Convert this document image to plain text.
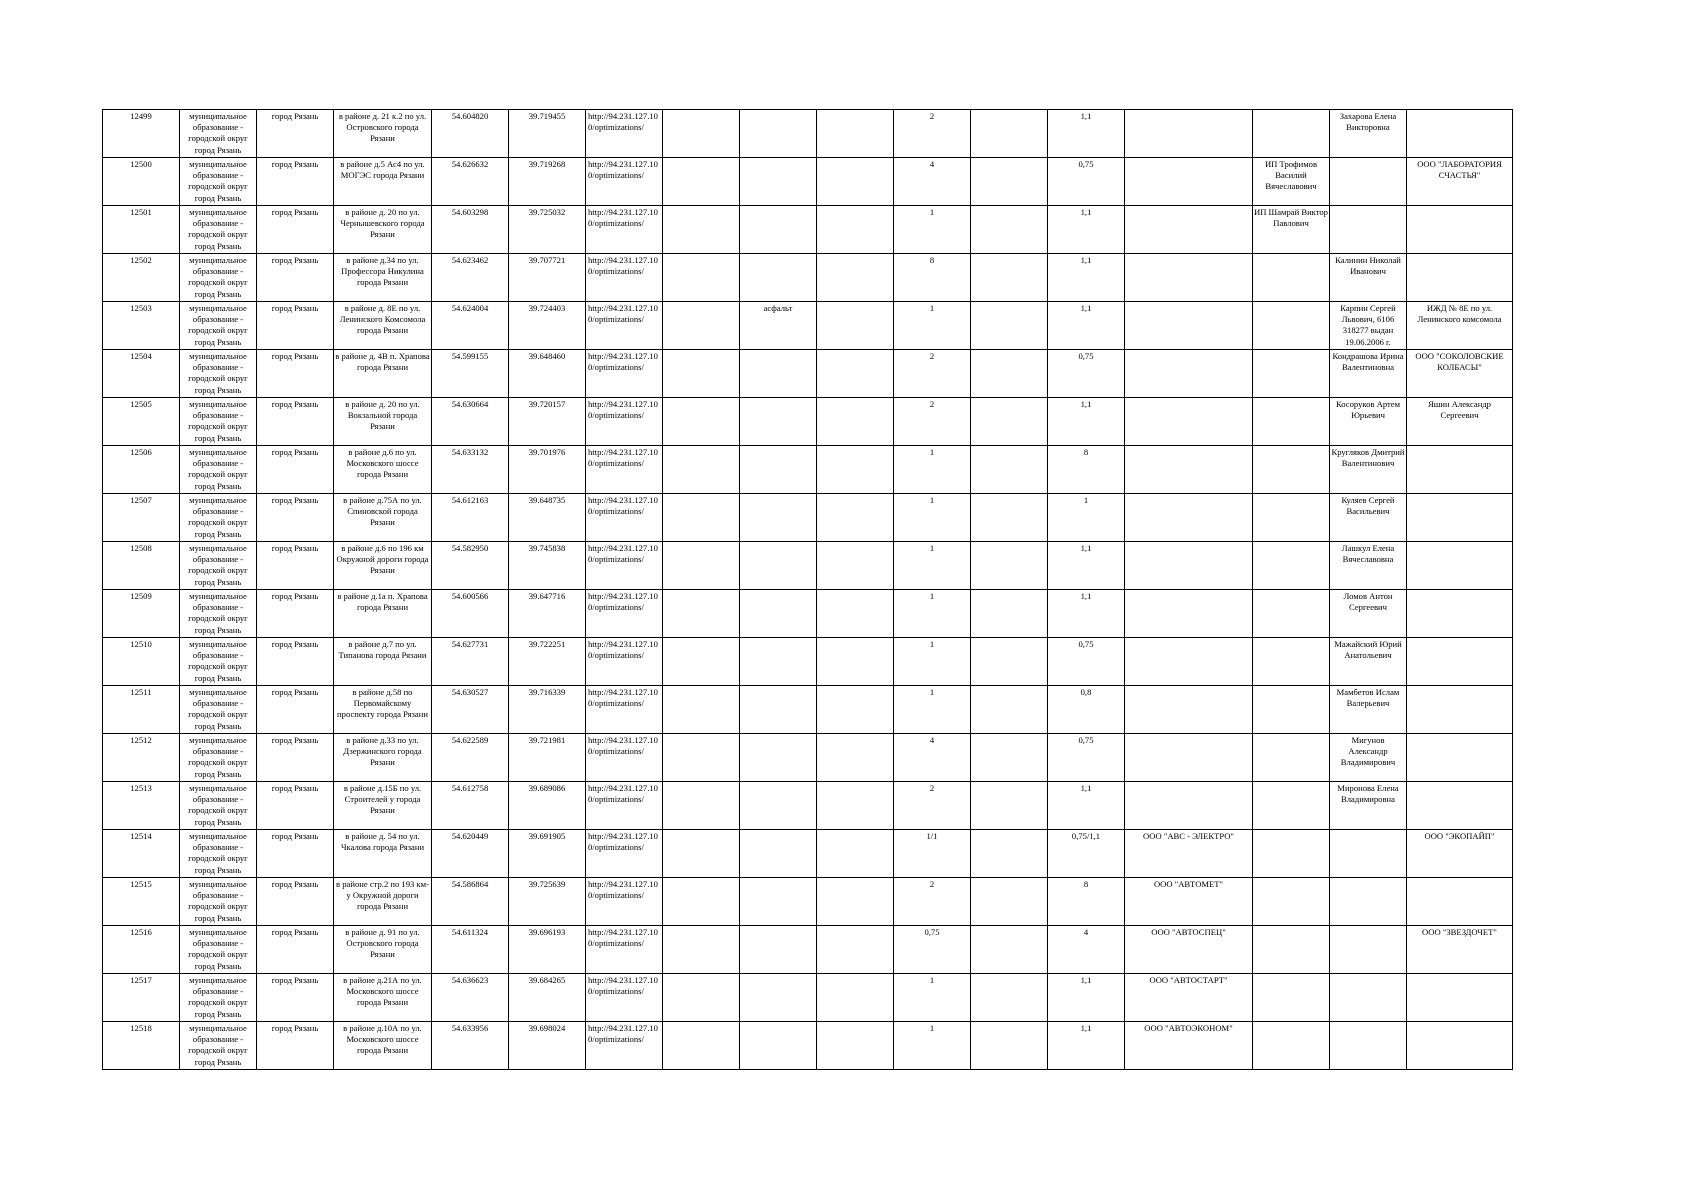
12499	муниципальное образование - городской округ город Рязань	город Рязань	в районе д. 21 к.2 по ул. Островского города Рязани	54.604820	39.719455	http://94.231.127.100/optimizations/				2		1,1			Захарова Елена Викторовна	
12500	муниципальное образование - городской округ город Рязань	город Рязань	в районе д.5 Ас4 по ул. МОГЭС города Рязани	54.626632	39.719268	http://94.231.127.100/optimizations/				4		0,75		ИП Трофимов Василий Вячеславович		ООО "ЛАБОРАТОРИЯ СЧАСТЬЯ"
12501	муниципальное образование - городской округ город Рязань	город Рязань	в районе д. 20 по ул. Чернышевского города Рязани	54.603298	39.725032	http://94.231.127.100/optimizations/				1		1,1		ИП Шамрай Виктор Павлович		
12502	муниципальное образование - городской округ город Рязань	город Рязань	в районе д.34 по ул. Профессора Никулина города Рязани	54.623462	39.707721	http://94.231.127.100/optimizations/				8		1,1			Калинин Николай Иванович	
12503	муниципальное образование - городской округ город Рязань	город Рязань	в районе д. 8Е по ул. Ленинского Комсомола города Рязани	54.624004	39.724403	http://94.231.127.100/optimizations/		асфальт		1		1,1			Карпин Сергей Львович, 6106 318277 выдан 19.06.2006 г.	ИЖД № 8Е по ул. Ленинского комсомола
12504	муниципальное образование - городской округ город Рязань	город Рязань	в районе д. 4В п. Храпова города Рязани	54.599155	39.648460	http://94.231.127.100/optimizations/				2		0,75			Кондрашова Ирина Валентиновна	ООО "СОКОЛОВСКИЕ КОЛБАСЫ"
12505	муниципальное образование - городской округ город Рязань	город Рязань	в районе д. 20 по ул. Вокзальной города Рязани	54.630664	39.720157	http://94.231.127.100/optimizations/				2		1,1			Косоруков Артем Юрьевич	Яшин Александр Сергеевич
12506	муниципальное образование - городской округ город Рязань	город Рязань	в районе д.6 по ул. Московского шоссе города Рязани	54.633132	39.701976	http://94.231.127.100/optimizations/				1		8			Кругляков Дмитрий Валентинович	
12507	муниципальное образование - городской округ город Рязань	город Рязань	в районе д.75А по ул. Спиновской города Рязани	54.612163	39.648735	http://94.231.127.100/optimizations/				1		1			Куляев Сергей Васильевич	
12508	муниципальное образование - городской округ город Рязань	город Рязань	в районе д.6 по 196 км Окружной дороги города Рязани	54.582950	39.745838	http://94.231.127.100/optimizations/				1		1,1			Лашкул Елена Вячеславовна	
12509	муниципальное образование - городской округ город Рязань	город Рязань	в районе д.1а п. Храпова города Рязани	54.600566	39.647716	http://94.231.127.100/optimizations/				1		1,1			Ломов Антон Сергеевич	
12510	муниципальное образование - городской округ город Рязань	город Рязань	в районе д.7 по ул. Типанова города Рязани	54.627731	39.722251	http://94.231.127.100/optimizations/				1		0,75			Мажайский Юрий Анатольевич	
12511	муниципальное образование - городской округ город Рязань	город Рязань	в районе д.58 по Первомайскому проспекту города Рязани	54.630527	39.716339	http://94.231.127.100/optimizations/				1		0,8			Мамбетов Ислам Валерьевич	
12512	муниципальное образование - городской округ город Рязань	город Рязань	в районе д.33 по ул. Дзержинского города Рязани	54.622589	39.721981	http://94.231.127.100/optimizations/				4		0,75			Мигунов Александр Владимирович	
12513	муниципальное образование - городской округ город Рязань	город Рязань	в районе д.15Б по ул. Строителей у города Рязани	54.612758	39.689086	http://94.231.127.100/optimizations/				2		1,1			Миронова Елена Владимировна	
12514	муниципальное образование - городской округ город Рязань	город Рязань	в районе д. 54 по ул. Чкалова города Рязани	54.620449	39.691905	http://94.231.127.100/optimizations/				1/1		0,75/1,1	ООО "АВС - ЭЛЕКТРО"			ООО "ЭКОПАЙП"
12515	муниципальное образование - городской округ город Рязань	город Рязань	в районе стр.2 по 193 км-у Окружной дороги города Рязани	54.586864	39.725639	http://94.231.127.100/optimizations/				2		8	ООО "АВТОМЕТ"			
12516	муниципальное образование - городской округ город Рязань	город Рязань	в районе д. 91 по ул. Островского города Рязани	54.611324	39.696193	http://94.231.127.100/optimizations/				0,75		4	ООО "АВТОСПЕЦ"			ООО "ЗВЕЗДОЧЕТ"
12517	муниципальное образование - городской округ город Рязань	город Рязань	в районе д.21А по ул. Московского шоссе города Рязани	54.636623	39.684265	http://94.231.127.100/optimizations/				1		1,1	ООО "АВТОСТАРТ"			
12518	муниципальное образование - городской округ город Рязань	город Рязань	в районе д.10А по ул. Московского шоссе города Рязани	54.633956	39.698024	http://94.231.127.100/optimizations/				1		1,1	ООО "АВТОЭКОНОМ"			
